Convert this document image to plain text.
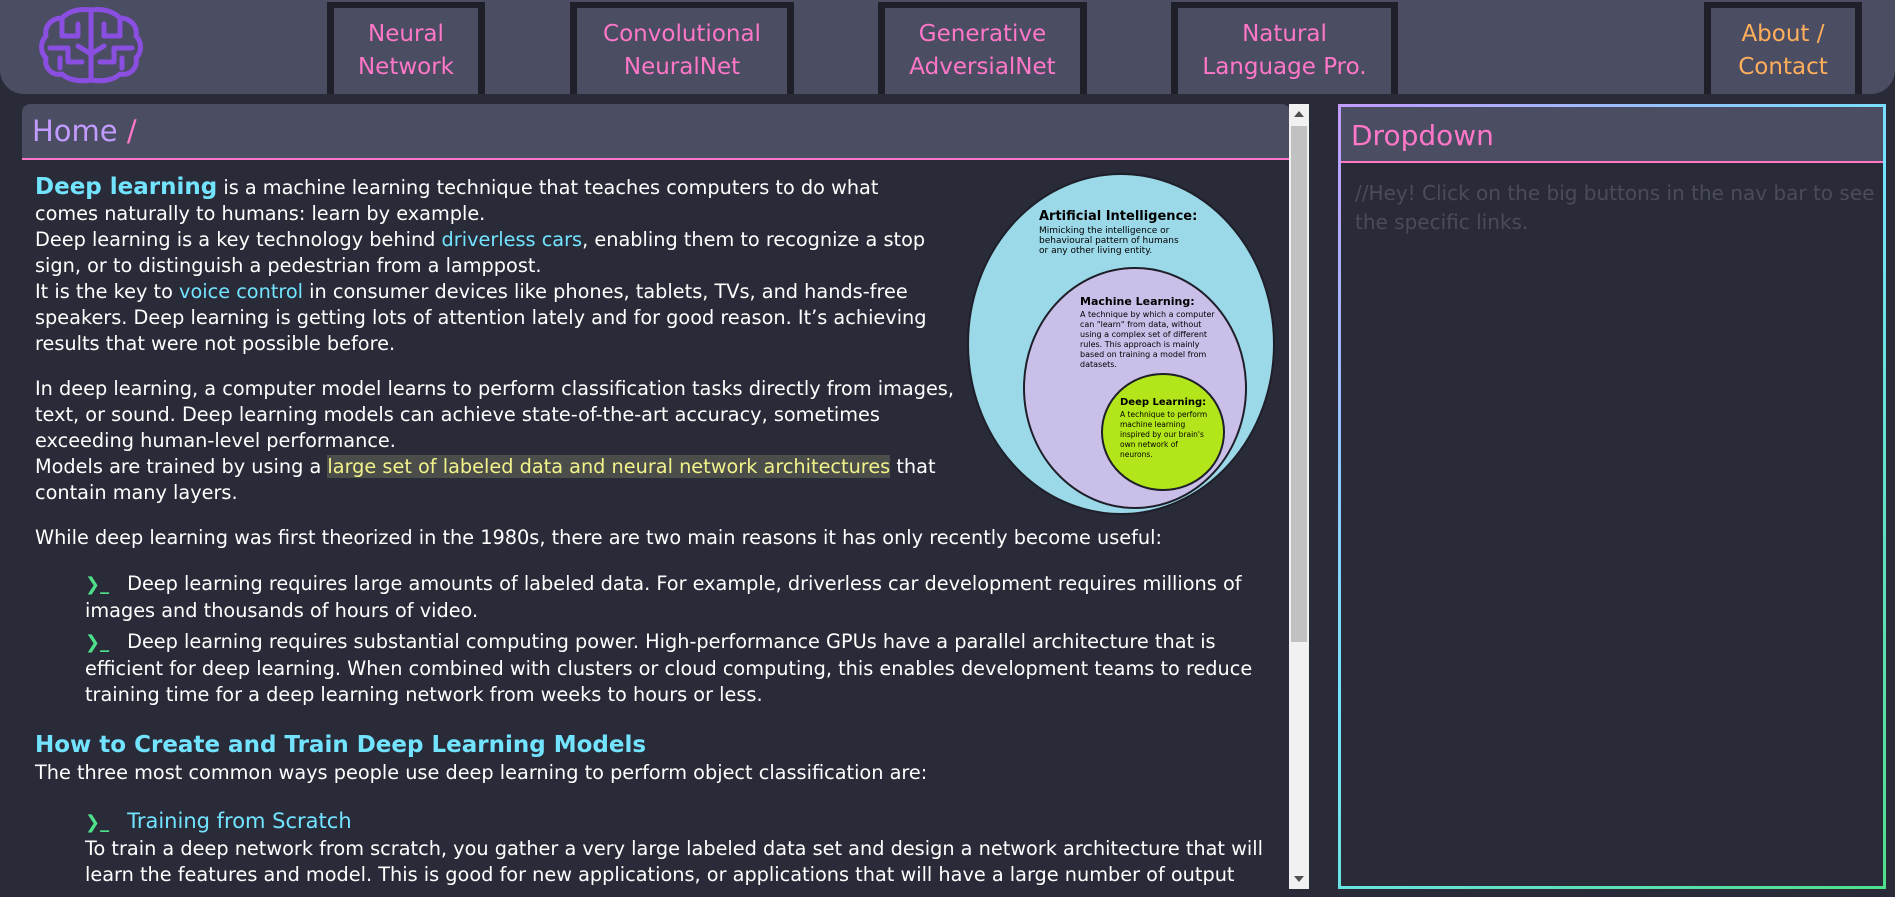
Neural
Network
Convolutional
NeuralNet
Generative
AdversialNet
Natural
Language Pro.
About /
Contact
Home /
Artificial Intelligence:
Mimicking the intelligence or
behavioural pattern of humans
or any other living entity.
Machine Learning:
A technique by which a computer
can "learn" from data, without
using a complex set of different
rules. This approach is mainly
based on training a model from
datasets.
Deep Learning:
A technique to perform
machine learning
inspired by our brain's
own network of
neurons.

Deep learning is a machine learning technique that teaches computers to do what comes naturally to humans: learn by example.
Deep learning is a key technology behind driverless cars, enabling them to recognize a stop sign, or to distinguish a pedestrian from a lamppost.
It is the key to voice control in consumer devices like phones, tablets, TVs, and hands-free speakers. Deep learning is getting lots of attention lately and for good reason. It’s achieving results that were not possible before.

In deep learning, a computer model learns to perform classification tasks directly from images, text, or sound. Deep learning models can achieve state-of-the-art accuracy, sometimes exceeding human-level performance.
Models are trained by using a large set of labeled data and neural network architectures that contain many layers.

While deep learning was first theorized in the 1980s, there are two main reasons it has only recently become useful:

❯_ Deep learning requires large amounts of labeled data. For example, driverless car development requires millions of images and thousands of hours of video.
❯_ Deep learning requires substantial computing power. High-performance GPUs have a parallel architecture that is efficient for deep learning. When combined with clusters or cloud computing, this enables development teams to reduce training time for a deep learning network from weeks to hours or less.
How to Create and Train Deep Learning Models

The three most common ways people use deep learning to perform object classification are:

❯_ Training from Scratch
To train a deep network from scratch, you gather a very large labeled data set and design a network architecture that will learn the features and model. This is good for new applications, or applications that will have a large number of output
Dropdown
//Hey! Click on the big buttons in the nav bar to see the specific links.
